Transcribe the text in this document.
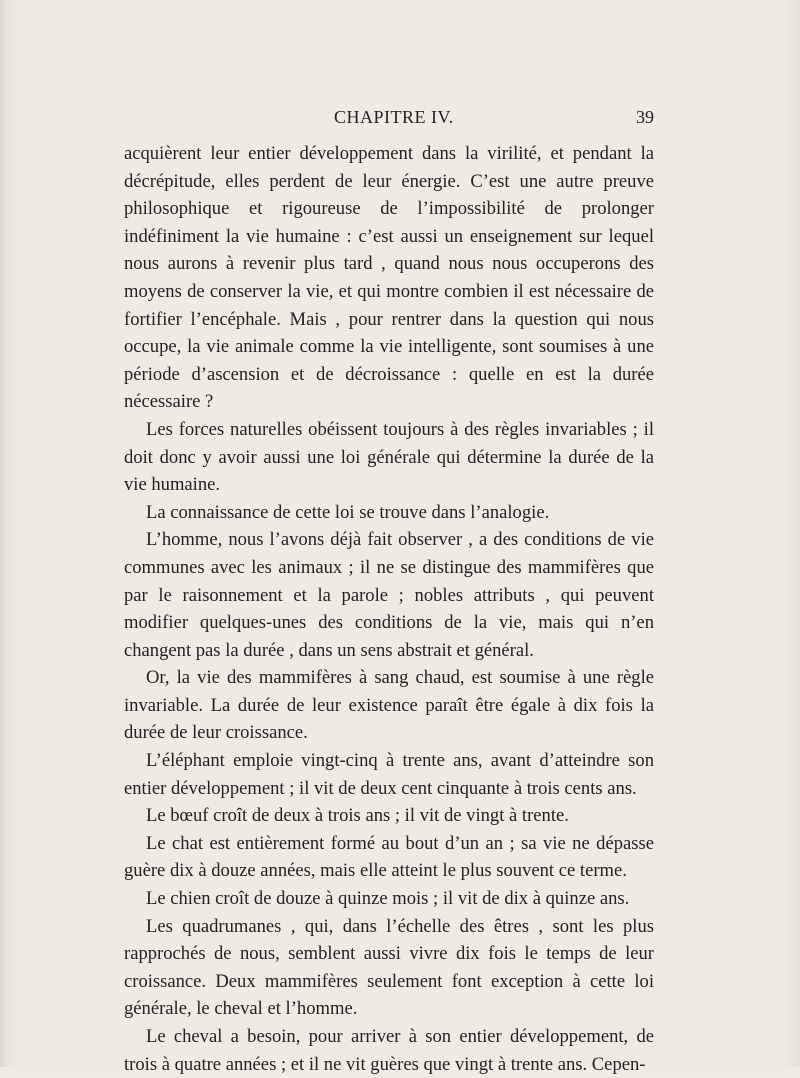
CHAPITRE IV.	39

acquièrent leur entier développement dans la virilité, et pendant la décrépitude, elles perdent de leur énergie. C’est une autre preuve philosophique et rigoureuse de l’impossibilité de prolonger indéfiniment la vie humaine : c’est aussi un enseignement sur lequel nous aurons à revenir plus tard , quand nous nous occuperons des moyens de conserver la vie, et qui montre combien il est nécessaire de fortifier l’encéphale. Mais , pour rentrer dans la question qui nous occupe, la vie animale comme la vie intelligente, sont soumises à une période d’ascension et de décroissance : quelle en est la durée nécessaire ?

Les forces naturelles obéissent toujours à des règles invariables ; il doit donc y avoir aussi une loi générale qui détermine la durée de la vie humaine.

La connaissance de cette loi se trouve dans l’analogie.

L’homme, nous l’avons déjà fait observer , a des conditions de vie communes avec les animaux ; il ne se distingue des mammifères que par le raisonnement et la parole ; nobles attributs , qui peuvent modifier quelques-unes des conditions de la vie, mais qui n’en changent pas la durée , dans un sens abstrait et général.

Or, la vie des mammifères à sang chaud, est soumise à une règle invariable. La durée de leur existence paraît être égale à dix fois la durée de leur croissance.

L’éléphant emploie vingt-cinq à trente ans, avant d’atteindre son entier développement ; il vit de deux cent cinquante à trois cents ans.

Le bœuf croît de deux à trois ans ; il vit de vingt à trente.

Le chat est entièrement formé au bout d’un an ; sa vie ne dépasse guère dix à douze années, mais elle atteint le plus souvent ce terme.

Le chien croît de douze à quinze mois ; il vit de dix à quinze ans.

Les quadrumanes , qui, dans l’échelle des êtres , sont les plus rapprochés de nous, semblent aussi vivre dix fois le temps de leur croissance. Deux mammifères seulement font exception à cette loi générale, le cheval et l’homme.

Le cheval a besoin, pour arriver à son entier développement, de trois à quatre années ; et il ne vit guères que vingt à trente ans. Cepen-
